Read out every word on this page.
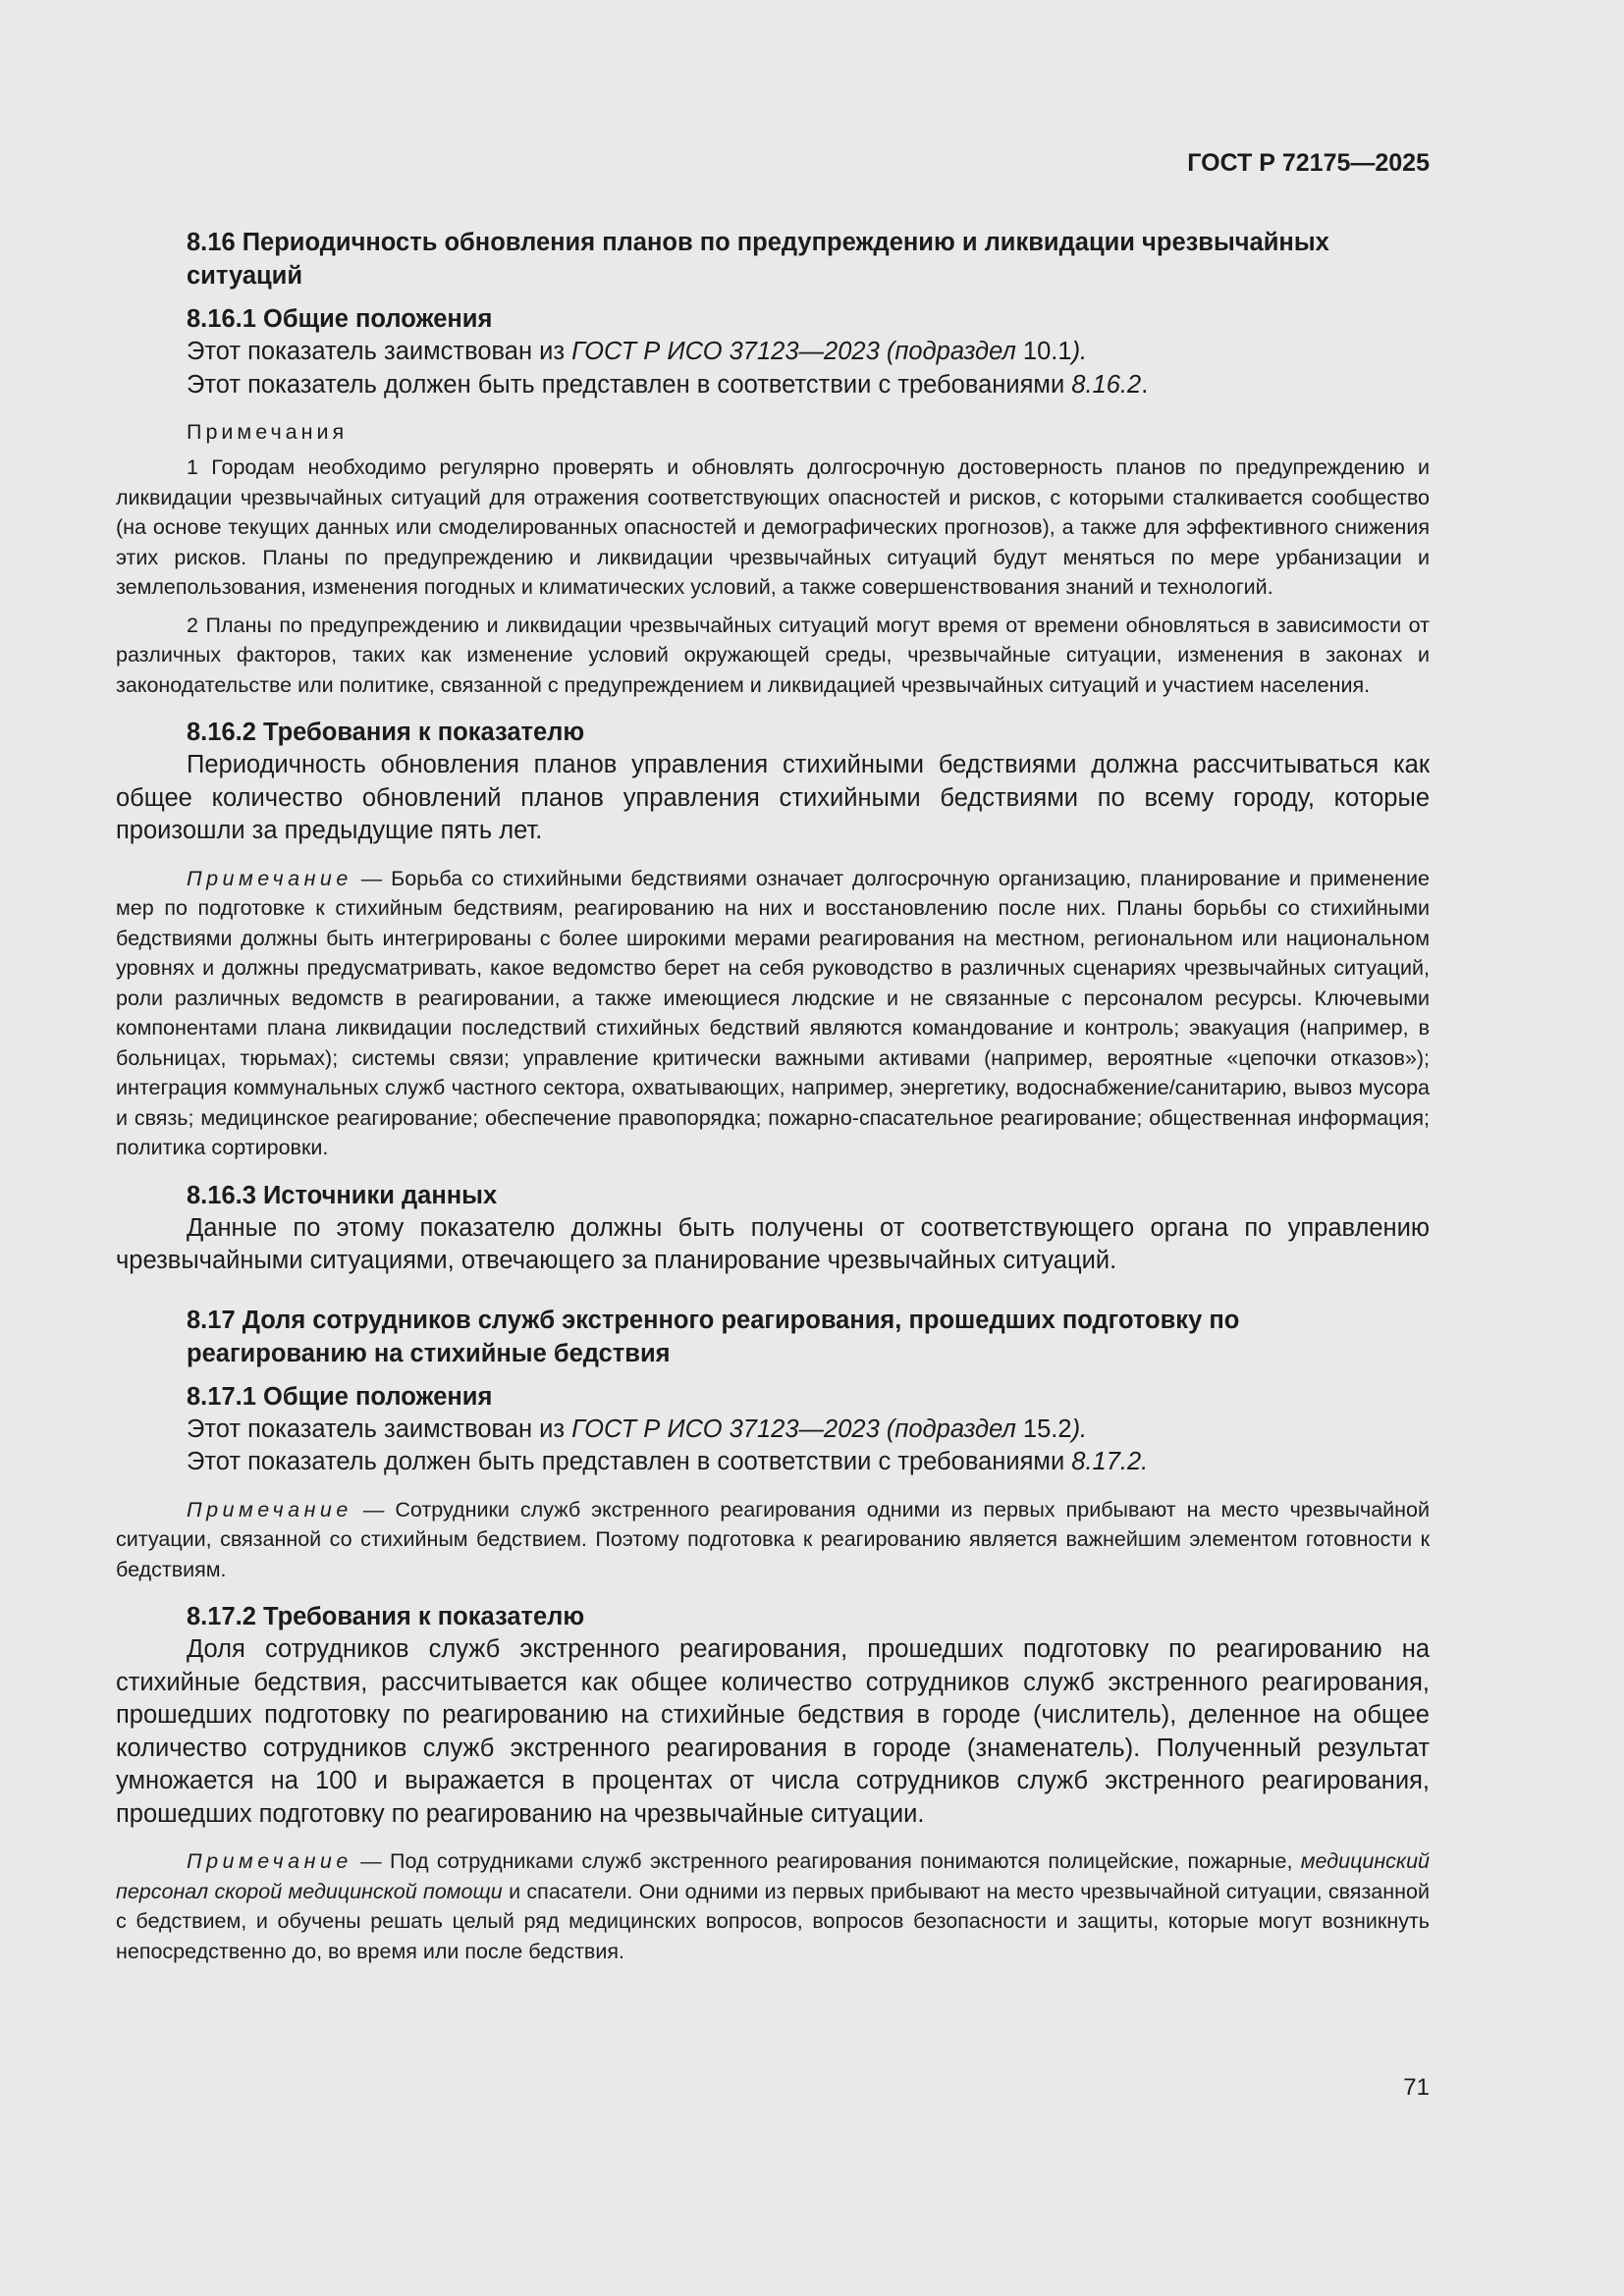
ГОСТ Р 72175—2025

8.16 Периодичность обновления планов по предупреждению и ликвидации чрезвычайных ситуаций

8.16.1 Общие положения

Этот показатель заимствован из ГОСТ Р ИСО 37123—2023 (подраздел 10.1).

Этот показатель должен быть представлен в соответствии с требованиями 8.16.2.

Примечания

1 Городам необходимо регулярно проверять и обновлять долгосрочную достоверность планов по предупреждению и ликвидации чрезвычайных ситуаций для отражения соответствующих опасностей и рисков, с которыми сталкивается сообщество (на основе текущих данных или смоделированных опасностей и демографических прогнозов), а также для эффективного снижения этих рисков. Планы по предупреждению и ликвидации чрезвычайных ситуаций будут меняться по мере урбанизации и землепользования, изменения погодных и климатических условий, а также совершенствования знаний и технологий.

2 Планы по предупреждению и ликвидации чрезвычайных ситуаций могут время от времени обновляться в зависимости от различных факторов, таких как изменение условий окружающей среды, чрезвычайные ситуации, изменения в законах и законодательстве или политике, связанной с предупреждением и ликвидацией чрезвычайных ситуаций и участием населения.

8.16.2 Требования к показателю

Периодичность обновления планов управления стихийными бедствиями должна рассчитываться как общее количество обновлений планов управления стихийными бедствиями по всему городу, которые произошли за предыдущие пять лет.

Примечание — Борьба со стихийными бедствиями означает долгосрочную организацию, планирование и применение мер по подготовке к стихийным бедствиям, реагированию на них и восстановлению после них. Планы борьбы со стихийными бедствиями должны быть интегрированы с более широкими мерами реагирования на местном, региональном или национальном уровнях и должны предусматривать, какое ведомство берет на себя руководство в различных сценариях чрезвычайных ситуаций, роли различных ведомств в реагировании, а также имеющиеся людские и не связанные с персоналом ресурсы. Ключевыми компонентами плана ликвидации последствий стихийных бедствий являются командование и контроль; эвакуация (например, в больницах, тюрьмах); системы связи; управление критически важными активами (например, вероятные «цепочки отказов»); интеграция коммунальных служб частного сектора, охватывающих, например, энергетику, водоснабжение/санитарию, вывоз мусора и связь; медицинское реагирование; обеспечение правопорядка; пожарно-спасательное реагирование; общественная информация; политика сортировки.

8.16.3 Источники данных

Данные по этому показателю должны быть получены от соответствующего органа по управлению чрезвычайными ситуациями, отвечающего за планирование чрезвычайных ситуаций.

8.17 Доля сотрудников служб экстренного реагирования, прошедших подготовку по реагированию на стихийные бедствия

8.17.1 Общие положения

Этот показатель заимствован из ГОСТ Р ИСО 37123—2023 (подраздел 15.2).

Этот показатель должен быть представлен в соответствии с требованиями 8.17.2.

Примечание — Сотрудники служб экстренного реагирования одними из первых прибывают на место чрезвычайной ситуации, связанной со стихийным бедствием. Поэтому подготовка к реагированию является важнейшим элементом готовности к бедствиям.

8.17.2 Требования к показателю

Доля сотрудников служб экстренного реагирования, прошедших подготовку по реагированию на стихийные бедствия, рассчитывается как общее количество сотрудников служб экстренного реагирования, прошедших подготовку по реагированию на стихийные бедствия в городе (числитель), деленное на общее количество сотрудников служб экстренного реагирования в городе (знаменатель). Полученный результат умножается на 100 и выражается в процентах от числа сотрудников служб экстренного реагирования, прошедших подготовку по реагированию на чрезвычайные ситуации.

Примечание — Под сотрудниками служб экстренного реагирования понимаются полицейские, пожарные, медицинский персонал скорой медицинской помощи и спасатели. Они одними из первых прибывают на место чрезвычайной ситуации, связанной с бедствием, и обучены решать целый ряд медицинских вопросов, вопросов безопасности и защиты, которые могут возникнуть непосредственно до, во время или после бедствия.

71
